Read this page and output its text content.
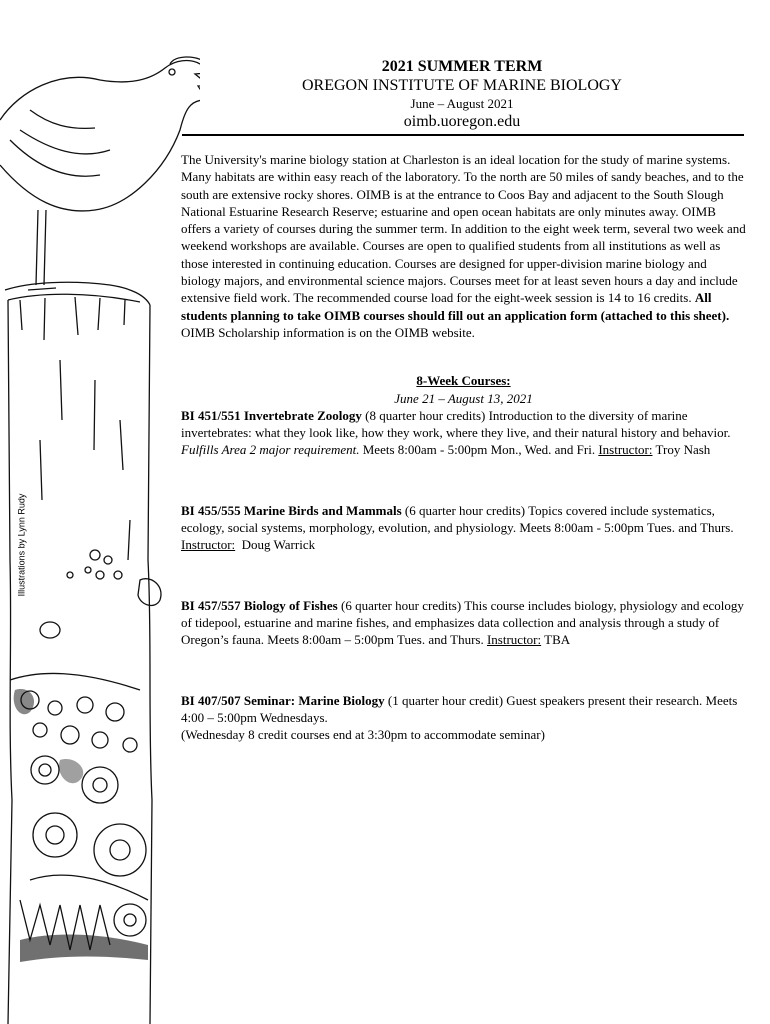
Illustrations by Lynn Rudy
2021 SUMMER TERM
OREGON INSTITUTE OF MARINE BIOLOGY
June – August 2021
oimb.uoregon.edu

The University's marine biology station at Charleston is an ideal location for the study of marine systems. Many habitats are within easy reach of the laboratory. To the north are 50 miles of sandy beaches, and to the south are extensive rocky shores. OIMB is at the entrance to Coos Bay and adjacent to the South Slough National Estuarine Research Reserve; estuarine and open ocean habitats are only minutes away. OIMB offers a variety of courses during the summer term. In addition to the eight week term, several two week and weekend workshops are available. Courses are open to qualified students from all institutions as well as those interested in continuing education. Courses are designed for upper-division marine biology and biology majors, and environmental science majors. Courses meet for at least seven hours a day and include extensive field work. The recommended course load for the eight-week session is 14 to 16 credits. All students planning to take OIMB courses should fill out an application form (attached to this sheet). OIMB Scholarship information is on the OIMB website.

8-Week Courses:
June 21 – August 13, 2021

BI 451/551 Invertebrate Zoology (8 quarter hour credits) Introduction to the diversity of marine invertebrates: what they look like, how they work, where they live, and their natural history and behavior. Fulfills Area 2 major requirement. Meets 8:00am - 5:00pm Mon., Wed. and Fri. Instructor: Troy Nash

BI 455/555 Marine Birds and Mammals (6 quarter hour credits) Topics covered include systematics, ecology, social systems, morphology, evolution, and physiology. Meets 8:00am - 5:00pm Tues. and Thurs. Instructor:  Doug Warrick

BI 457/557 Biology of Fishes (6 quarter hour credits) This course includes biology, physiology and ecology of tidepool, estuarine and marine fishes, and emphasizes data collection and analysis through a study of Oregon’s fauna. Meets 8:00am – 5:00pm Tues. and Thurs. Instructor: TBA

BI 407/507 Seminar: Marine Biology (1 quarter hour credit) Guest speakers present their research. Meets 4:00 – 5:00pm Wednesdays.
(Wednesday 8 credit courses end at 3:30pm to accommodate seminar)
